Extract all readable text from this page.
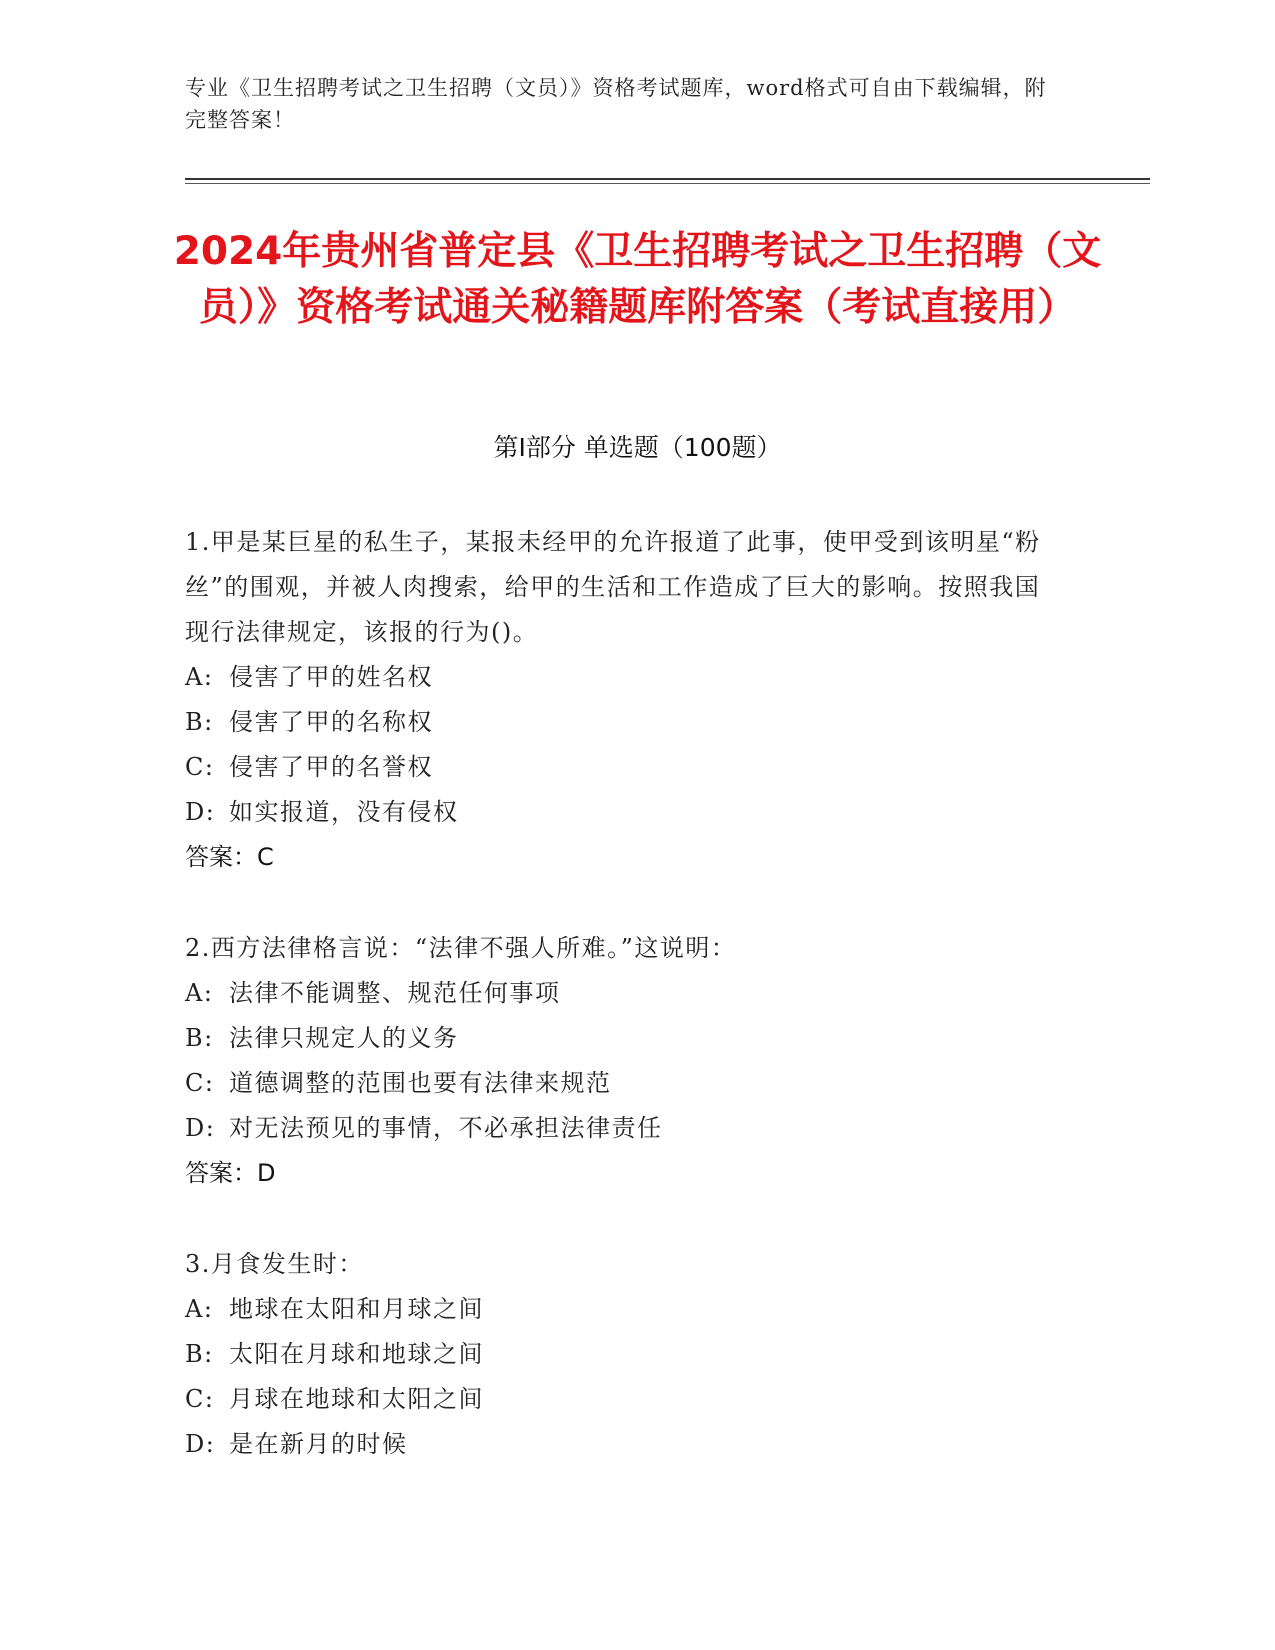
专业《卫生招聘考试之卫生招聘（文员）》资格考试题库，word格式可自由下载编辑，附完整答案！
2024年贵州省普定县《卫生招聘考试之卫生招聘（文员）》资格考试通关秘籍题库附答案（考试直接用）
第I部分 单选题（100题）
1.甲是某巨星的私生子，某报未经甲的允许报道了此事，使甲受到该明星“粉丝”的围观，并被人肉搜索，给甲的生活和工作造成了巨大的影响。按照我国现行法律规定，该报的行为()。
A: 侵害了甲的姓名权
B: 侵害了甲的名称权
C: 侵害了甲的名誉权
D: 如实报道，没有侵权
答案：C
2.西方法律格言说：“法律不强人所难。”这说明：
A: 法律不能调整、规范任何事项
B: 法律只规定人的义务
C: 道德调整的范围也要有法律来规范
D: 对无法预见的事情，不必承担法律责任
答案：D
3.月食发生时：
A: 地球在太阳和月球之间
B: 太阳在月球和地球之间
C: 月球在地球和太阳之间
D: 是在新月的时候
